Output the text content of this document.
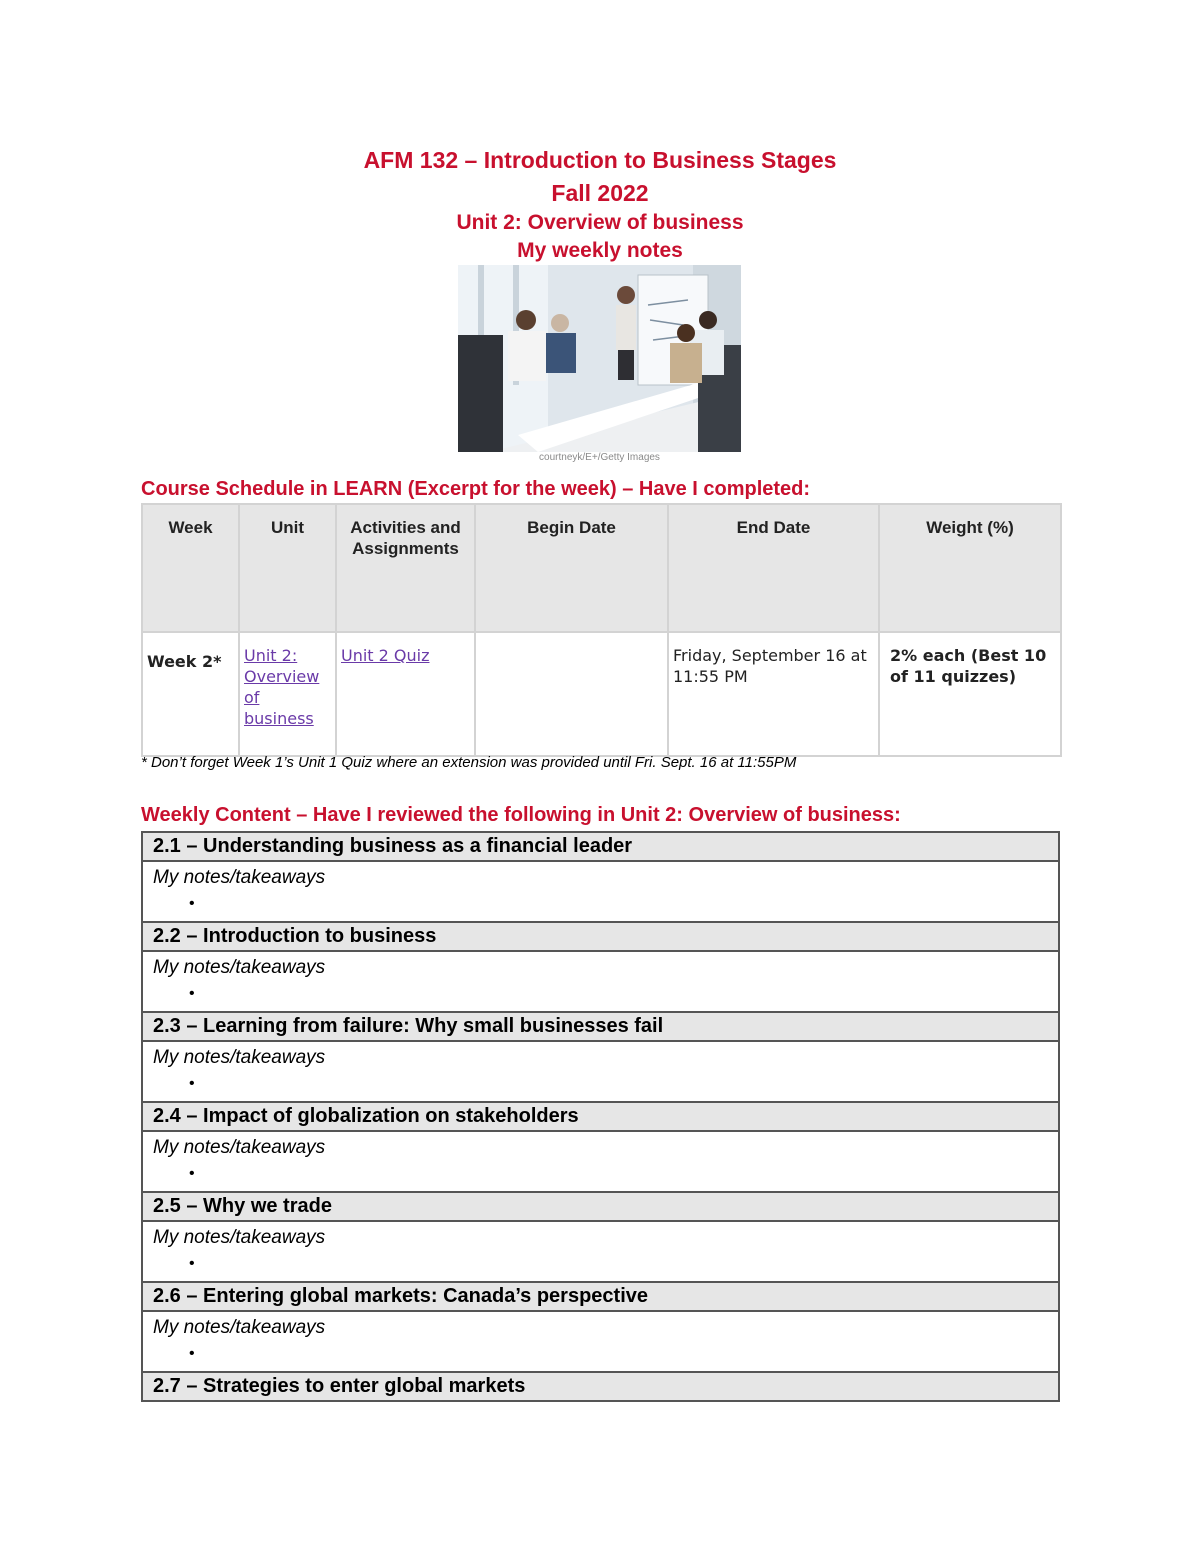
AFM 132 – Introduction to Business Stages
Fall 2022
Unit 2: Overview of business
My weekly notes
courtneyk/E+/Getty Images
Course Schedule in LEARN (Excerpt for the week) – Have I completed:
Week	Unit	Activities and Assignments	Begin Date	End Date	Weight (%)
Week 2*	Unit 2: Overview of business	Unit 2 Quiz		Friday, September 16 at 11:55 PM	2% each (Best 10 of 11 quizzes)
* Don’t forget Week 1’s Unit 1 Quiz where an extension was provided until Fri. Sept. 16 at 11:55PM
Weekly Content – Have I reviewed the following in Unit 2: Overview of business:
2.1 – Understanding business as a financial leader
My notes/takeaways
•

2.2 – Introduction to business
My notes/takeaways
•

2.3 – Learning from failure: Why small businesses fail
My notes/takeaways
•

2.4 – Impact of globalization on stakeholders
My notes/takeaways
•

2.5 – Why we trade
My notes/takeaways
•

2.6 – Entering global markets: Canada’s perspective
My notes/takeaways
•

2.7 – Strategies to enter global markets
